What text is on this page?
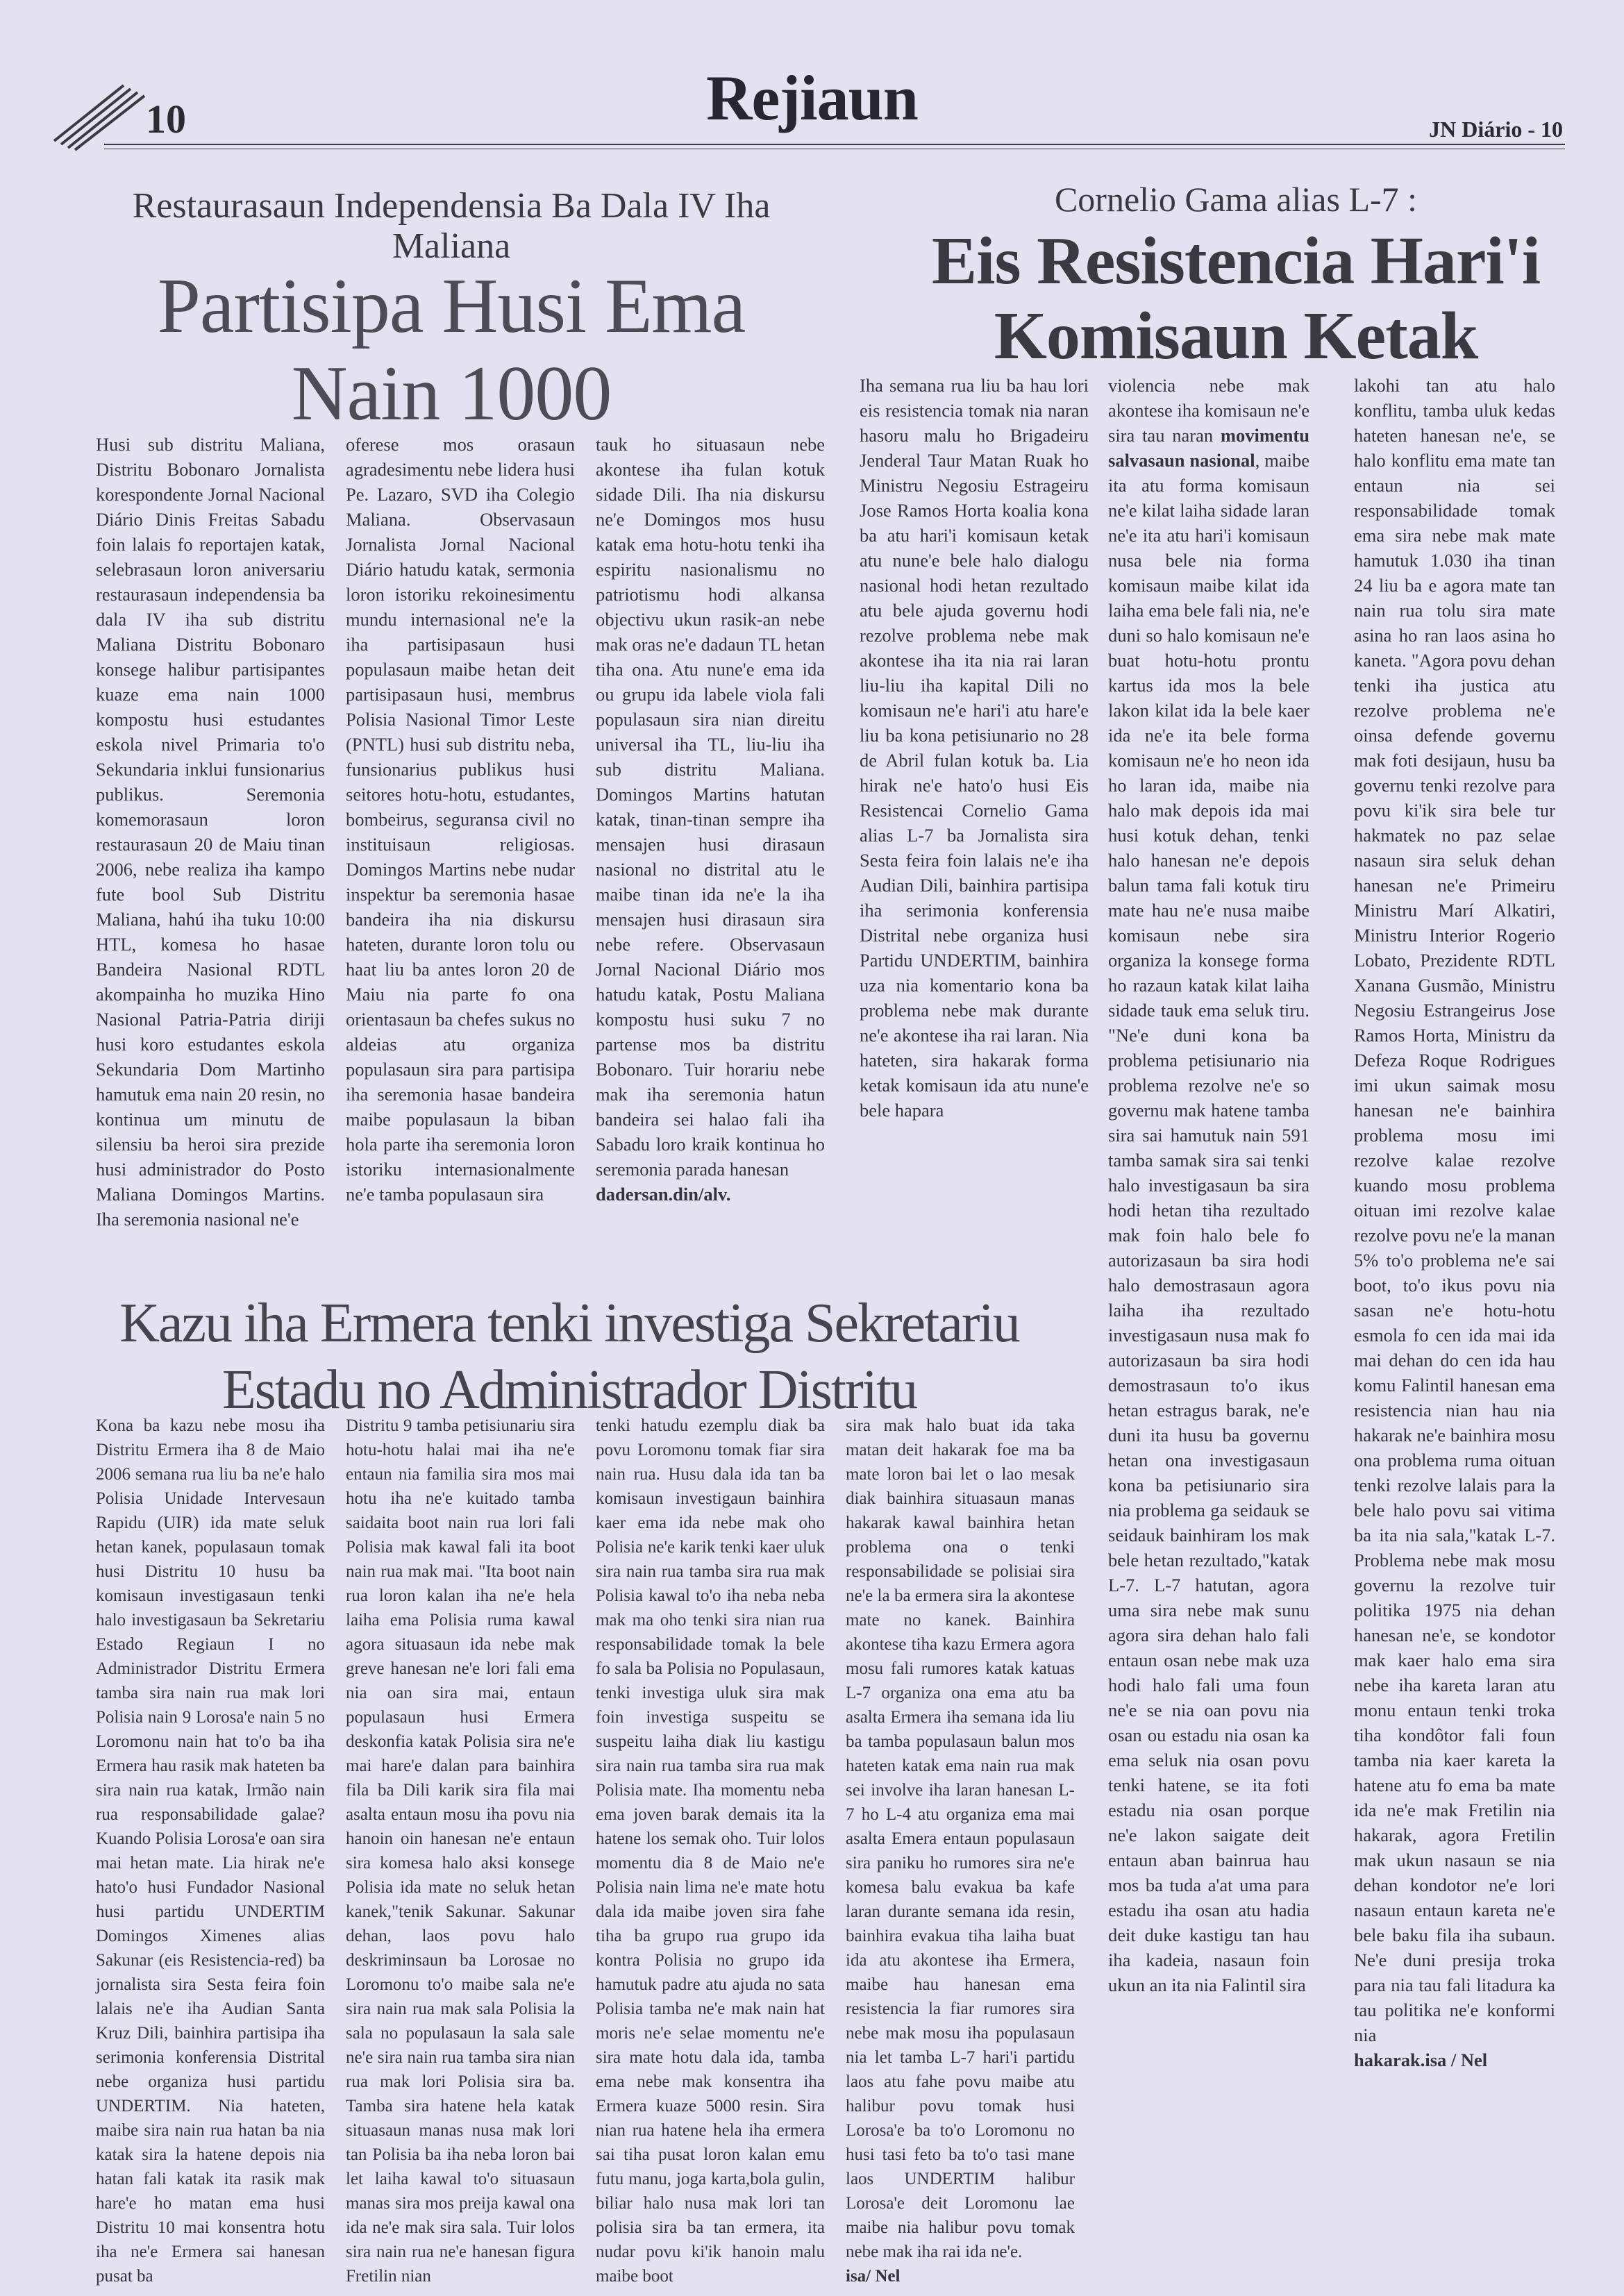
10	Rejiaun	JN Diário - 10
Restaurasaun Independensia Ba Dala IV Iha Maliana
Partisipa Husi Ema Nain 1000

Husi sub distritu Maliana, Distritu Bobonaro Jornalista korespondente Jornal Nacional Diário Dinis Freitas Sabadu foin lalais fo reportajen katak, selebrasaun loron aniversariu restaurasaun independensia ba dala IV iha sub distritu Maliana Distritu Bobonaro konsege halibur partisipantes kuaze ema nain 1000 kompostu husi estudantes eskola nivel Primaria to'o Sekundaria inklui funsionarius publikus. Seremonia komemorasaun loron restaurasaun 20 de Maiu tinan 2006, nebe realiza iha kampo fute bool Sub Distritu Maliana, hahú iha tuku 10:00 HTL, komesa ho hasae Bandeira Nasional RDTL akompainha ho muzika Hino Nasional Patria-Patria diriji husi koro estudantes eskola Sekundaria Dom Martinho hamutuk ema nain 20 resin, no kontinua um minutu de silensiu ba heroi sira prezide husi administrador do Posto Maliana Domingos Martins. Iha seremonia nasional ne'e

oferese mos orasaun agradesimentu nebe lidera husi Pe. Lazaro, SVD iha Colegio Maliana. Observasaun Jornalista Jornal Nacional Diário hatudu katak, sermonia loron istoriku rekoinesimentu mundu internasional ne'e la iha partisipasaun husi populasaun maibe hetan deit partisipasaun husi, membrus Polisia Nasional Timor Leste (PNTL) husi sub distritu neba, funsionarius publikus husi seitores hotu-hotu, estudantes, bombeirus, seguransa civil no instituisaun religiosas. Domingos Martins nebe nudar inspektur ba seremonia hasae bandeira iha nia diskursu hateten, durante loron tolu ou haat liu ba antes loron 20 de Maiu nia parte fo ona orientasaun ba chefes sukus no aldeias atu organiza populasaun sira para partisipa iha seremonia hasae bandeira maibe populasaun la biban hola parte iha seremonia loron istoriku internasionalmente ne'e tamba populasaun sira

tauk ho situasaun nebe akontese iha fulan kotuk sidade Dili. Iha nia diskursu ne'e Domingos mos husu katak ema hotu-hotu tenki iha espiritu nasionalismu no patriotismu hodi alkansa objectivu ukun rasik-an nebe mak oras ne'e dadaun TL hetan tiha ona. Atu nune'e ema ida ou grupu ida labele viola fali populasaun sira nian direitu universal iha TL, liu-liu iha sub distritu Maliana. Domingos Martins hatutan katak, tinan-tinan sempre iha mensajen husi dirasaun nasional no distrital atu le maibe tinan ida ne'e la iha mensajen husi dirasaun sira nebe refere. Observasaun Jornal Nacional Diário mos hatudu katak, Postu Maliana kompostu husi suku 7 no partense mos ba distritu Bobonaro. Tuir horariu nebe mak iha seremonia hatun bandeira sei halao fali iha Sabadu loro kraik kontinua ho seremonia parada hanesan

dadersan.din/alv.

Cornelio Gama alias L-7 :
Eis Resistencia Hari'i Komisaun Ketak

Iha semana rua liu ba hau lori eis resistencia tomak nia naran hasoru malu ho Brigadeiru Jenderal Taur Matan Ruak ho Ministru Negosiu Estrageiru Jose Ramos Horta koalia kona ba atu hari'i komisaun ketak atu nune'e bele halo dialogu nasional hodi hetan rezultado atu bele ajuda governu hodi rezolve problema nebe mak akontese iha ita nia rai laran liu-liu iha kapital Dili no komisaun ne'e hari'i atu hare'e liu ba kona petisiunario no 28 de Abril fulan kotuk ba. Lia hirak ne'e hato'o husi Eis Resistencai Cornelio Gama alias L-7 ba Jornalista sira Sesta feira foin lalais ne'e iha Audian Dili, bainhira partisipa iha serimonia konferensia Distrital nebe organiza husi Partidu UNDERTIM, bainhira uza nia komentario kona ba problema nebe mak durante ne'e akontese iha rai laran. Nia hateten, sira hakarak forma ketak komisaun ida atu nune'e bele hapara

violencia nebe mak akontese iha komisaun ne'e sira tau naran movimentu salvasaun nasional, maibe ita atu forma komisaun ne'e kilat laiha sidade laran ne'e ita atu hari'i komisaun nusa bele nia forma komisaun maibe kilat ida laiha ema bele fali nia, ne'e duni so halo komisaun ne'e buat hotu-hotu prontu kartus ida mos la bele lakon kilat ida la bele kaer ida ne'e ita bele forma komisaun ne'e ho neon ida ho laran ida, maibe nia halo mak depois ida mai husi kotuk dehan, tenki halo hanesan ne'e depois balun tama fali kotuk tiru mate hau ne'e nusa maibe komisaun nebe sira organiza la konsege forma ho razaun katak kilat laiha sidade tauk ema seluk tiru. "Ne'e duni kona ba problema petisiunario nia problema rezolve ne'e so governu mak hatene tamba sira sai hamutuk nain 591 tamba samak sira sai tenki halo investigasaun ba sira hodi hetan tiha rezultado mak foin halo bele fo autorizasaun ba sira hodi halo demostrasaun agora laiha iha rezultado investigasaun nusa mak fo autorizasaun ba sira hodi demostrasaun to'o ikus hetan estragus barak, ne'e duni ita husu ba governu hetan ona investigasaun kona ba petisiunario sira nia problema ga seidauk se seidauk bainhiram los mak bele hetan rezultado,"katak L-7. L-7 hatutan, agora uma sira nebe mak sunu agora sira dehan halo fali entaun osan nebe mak uza hodi halo fali uma foun ne'e se nia oan povu nia osan ou estadu nia osan ka ema seluk nia osan povu tenki hatene, se ita foti estadu nia osan porque ne'e lakon saigate deit entaun aban bainrua hau mos ba tuda a'at uma para estadu iha osan atu hadia deit duke kastigu tan hau iha kadeia, nasaun foin ukun an ita nia Falintil sira

lakohi tan atu halo konflitu, tamba uluk kedas hateten hanesan ne'e, se halo konflitu ema mate tan entaun nia sei responsabilidade tomak ema sira nebe mak mate hamutuk 1.030 iha tinan 24 liu ba e agora mate tan nain rua tolu sira mate asina ho ran laos asina ho kaneta. "Agora povu dehan tenki iha justica atu rezolve problema ne'e oinsa defende governu mak foti desijaun, husu ba governu tenki rezolve para povu ki'ik sira bele tur hakmatek no paz selae nasaun sira seluk dehan hanesan ne'e Primeiru Ministru Marí Alkatiri, Ministru Interior Rogerio Lobato, Prezidente RDTL Xanana Gusmão, Ministru Negosiu Estrangeirus Jose Ramos Horta, Ministru da Defeza Roque Rodrigues imi ukun saimak mosu hanesan ne'e bainhira problema mosu imi rezolve kalae rezolve kuando mosu problema oituan imi rezolve kalae rezolve povu ne'e la manan 5% to'o problema ne'e sai boot, to'o ikus povu nia sasan ne'e hotu-hotu esmola fo cen ida mai ida mai dehan do cen ida hau komu Falintil hanesan ema resistencia nian hau nia hakarak ne'e bainhira mosu ona problema ruma oituan tenki rezolve lalais para la bele halo povu sai vitima ba ita nia sala,"katak L-7. Problema nebe mak mosu governu la rezolve tuir politika 1975 nia dehan hanesan ne'e, se kondotor mak kaer halo ema sira nebe iha kareta laran atu monu entaun tenki troka tiha kondôtor fali foun tamba nia kaer kareta la hatene atu fo ema ba mate ida ne'e mak Fretilin nia hakarak, agora Fretilin mak ukun nasaun se nia dehan kondotor ne'e lori nasaun entaun kareta ne'e bele baku fila iha subaun. Ne'e duni presija troka para nia tau fali litadura ka tau politika ne'e konformi nia

hakarak.isa / Nel

Kazu iha Ermera tenki investiga Sekretariu Estadu no Administrador Distritu

Kona ba kazu nebe mosu iha Distritu Ermera iha 8 de Maio 2006 semana rua liu ba ne'e halo Polisia Unidade Intervesaun Rapidu (UIR) ida mate seluk hetan kanek, populasaun tomak husi Distritu 10 husu ba komisaun investigasaun tenki halo investigasaun ba Sekretariu Estado Regiaun I no Administrador Distritu Ermera tamba sira nain rua mak lori Polisia nain 9 Lorosa'e nain 5 no Loromonu nain hat to'o ba iha Ermera hau rasik mak hateten ba sira nain rua katak, Irmão nain rua responsabilidade galae? Kuando Polisia Lorosa'e oan sira mai hetan mate. Lia hirak ne'e hato'o husi Fundador Nasional husi partidu UNDERTIM Domingos Ximenes alias Sakunar (eis Resistencia-red) ba jornalista sira Sesta feira foin lalais ne'e iha Audian Santa Kruz Dili, bainhira partisipa iha serimonia konferensia Distrital nebe organiza husi partidu UNDERTIM. Nia hateten, maibe sira nain rua hatan ba nia katak sira la hatene depois nia hatan fali katak ita rasik mak hare'e ho matan ema husi Distritu 10 mai konsentra hotu iha ne'e Ermera sai hanesan pusat ba

Distritu 9 tamba petisiunariu sira hotu-hotu halai mai iha ne'e entaun nia familia sira mos mai hotu iha ne'e kuitado tamba saidaita boot nain rua lori fali Polisia mak kawal fali ita boot nain rua mak mai. "Ita boot nain rua loron kalan iha ne'e hela laiha ema Polisia ruma kawal agora situasaun ida nebe mak greve hanesan ne'e lori fali ema nia oan sira mai, entaun populasaun husi Ermera deskonfia katak Polisia sira ne'e mai hare'e dalan para bainhira fila ba Dili karik sira fila mai asalta entaun mosu iha povu nia hanoin oin hanesan ne'e entaun sira komesa halo aksi konsege Polisia ida mate no seluk hetan kanek,"tenik Sakunar. Sakunar dehan, laos povu halo deskriminsaun ba Lorosae no Loromonu to'o maibe sala ne'e sira nain rua mak sala Polisia la sala no populasaun la sala sale ne'e sira nain rua tamba sira nian rua mak lori Polisia sira ba. Tamba sira hatene hela katak situasaun manas nusa mak lori tan Polisia ba iha neba loron bai let laiha kawal to'o situasaun manas sira mos preija kawal ona ida ne'e mak sira sala. Tuir lolos sira nain rua ne'e hanesan figura Fretilin nian

tenki hatudu ezemplu diak ba povu Loromonu tomak fiar sira nain rua. Husu dala ida tan ba komisaun investigaun bainhira kaer ema ida nebe mak oho Polisia ne'e karik tenki kaer uluk sira nain rua tamba sira rua mak Polisia kawal to'o iha neba neba mak ma oho tenki sira nian rua responsabilidade tomak la bele fo sala ba Polisia no Populasaun, tenki investiga uluk sira mak foin investiga suspeitu se suspeitu laiha diak liu kastigu sira nain rua tamba sira rua mak Polisia mate. Iha momentu neba ema joven barak demais ita la hatene los semak oho. Tuir lolos momentu dia 8 de Maio ne'e Polisia nain lima ne'e mate hotu dala ida maibe joven sira fahe tiha ba grupo rua grupo ida kontra Polisia no grupo ida hamutuk padre atu ajuda no sata Polisia tamba ne'e mak nain hat moris ne'e selae momentu ne'e sira mate hotu dala ida, tamba ema nebe mak konsentra iha Ermera kuaze 5000 resin. Sira nian rua hatene hela iha ermera sai tiha pusat loron kalan emu futu manu, joga karta,bola gulin, biliar halo nusa mak lori tan polisia sira ba tan ermera, ita nudar povu ki'ik hanoin malu maibe boot

sira mak halo buat ida taka matan deit hakarak foe ma ba mate loron bai let o lao mesak diak bainhira situasaun manas hakarak kawal bainhira hetan problema ona o tenki responsabilidade se polisiai sira ne'e la ba ermera sira la akontese mate no kanek. Bainhira akontese tiha kazu Ermera agora mosu fali rumores katak katuas L-7 organiza ona ema atu ba asalta Ermera iha semana ida liu ba tamba populasaun balun mos hateten katak ema nain rua mak sei involve iha laran hanesan L-7 ho L-4 atu organiza ema mai asalta Emera entaun populasaun sira paniku ho rumores sira ne'e komesa balu evakua ba kafe laran durante semana ida resin, bainhira evakua tiha laiha buat ida atu akontese iha Ermera, maibe hau hanesan ema resistencia la fiar rumores sira nebe mak mosu iha populasaun nia let tamba L-7 hari'i partidu laos atu fahe povu maibe atu halibur povu tomak husi Lorosa'e ba to'o Loromonu no husi tasi feto ba to'o tasi mane laos UNDERTIM halibur Lorosa'e deit Loromonu lae maibe nia halibur povu tomak nebe mak iha rai ida ne'e.

isa/ Nel
